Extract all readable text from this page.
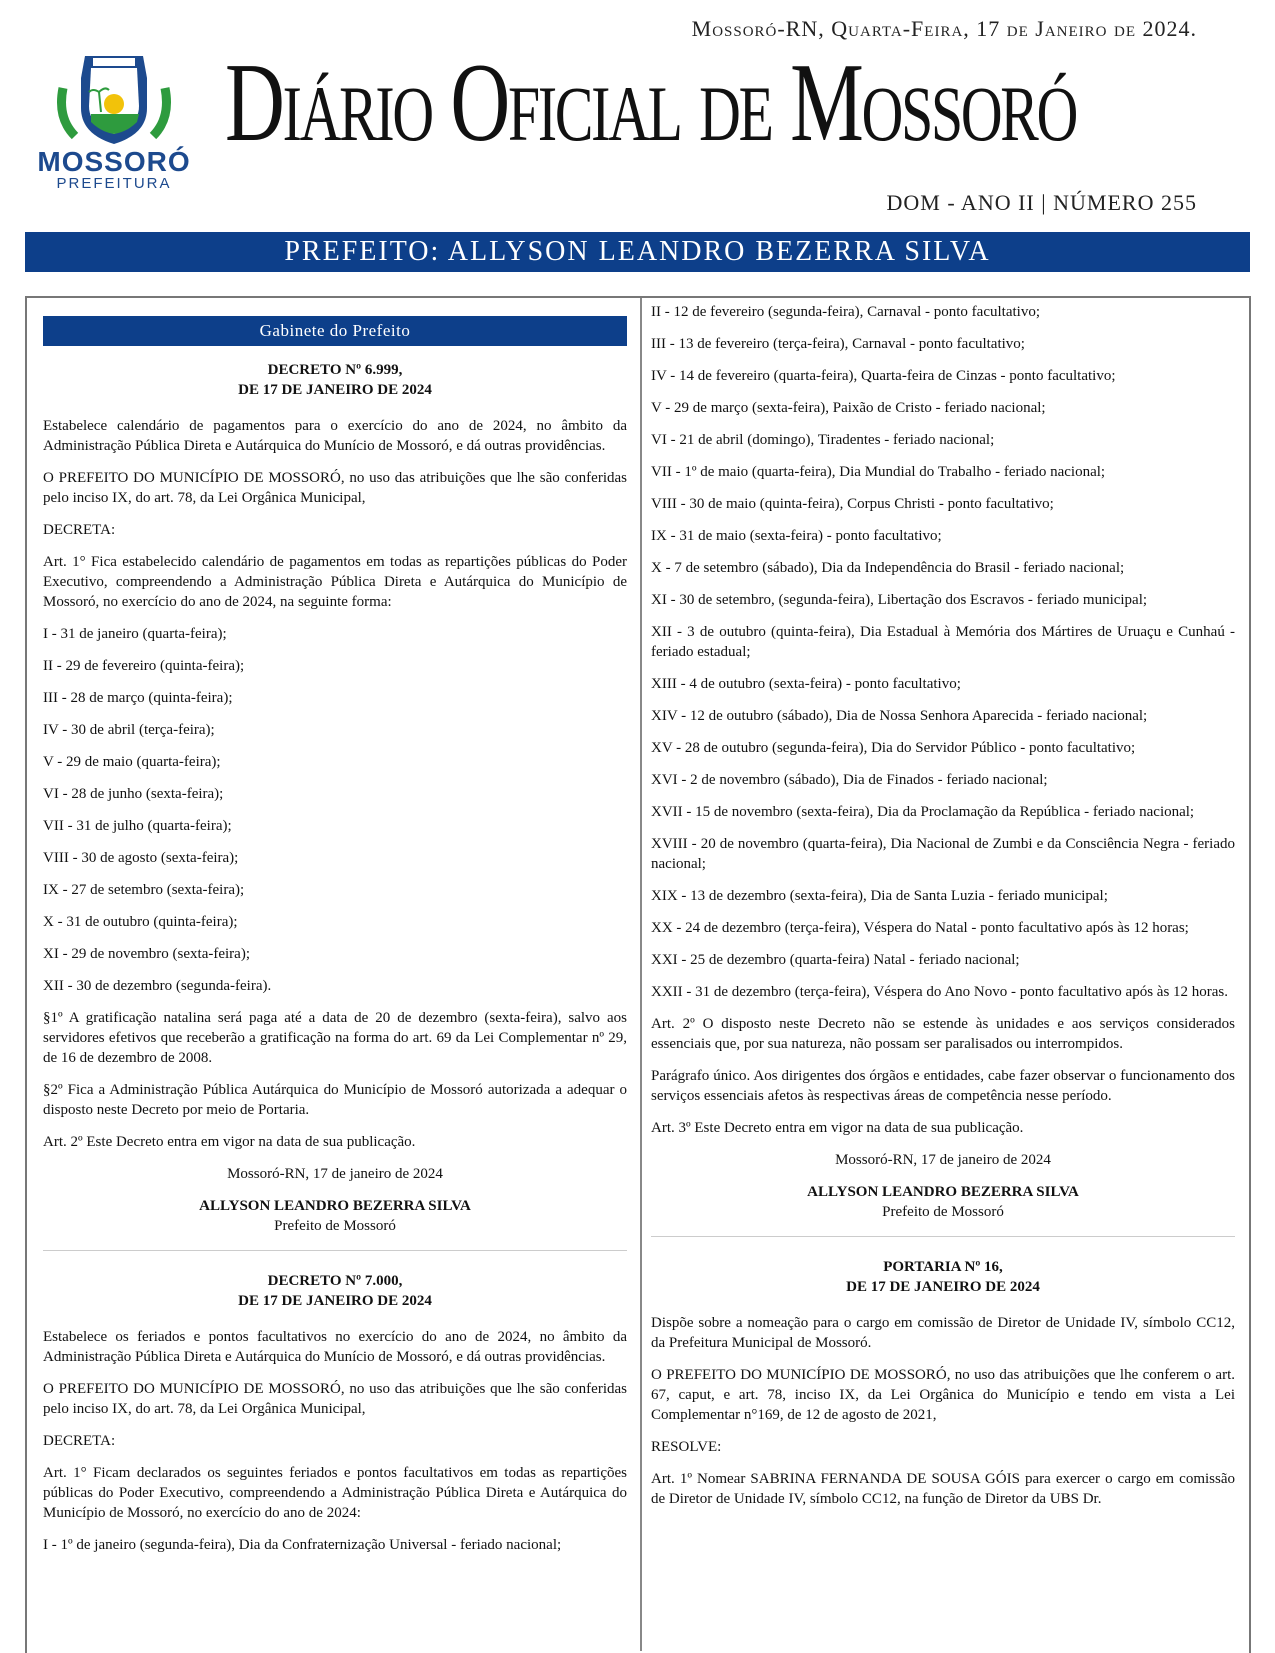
MOSSORÓ
PREFEITURA
Mossoró-RN, Quarta-Feira, 17 de Janeiro de 2024.
Diário Oficial de Mossoró
DOM - ANO II | NÚMERO 255
PREFEITO: ALLYSON LEANDRO BEZERRA SILVA
Gabinete do Prefeito
DECRETO Nº 6.999,
DE 17 DE JANEIRO DE 2024

Estabelece calendário de pagamentos para o exercício do ano de 2024, no âmbito da Administração Pública Direta e Autárquica do Munício de Mossoró, e dá outras providências.

O PREFEITO DO MUNICÍPIO DE MOSSORÓ, no uso das atribuições que lhe são conferidas pelo inciso IX, do art. 78, da Lei Orgânica Municipal,

DECRETA:

Art. 1° Fica estabelecido calendário de pagamentos em todas as repartições públicas do Poder Executivo, compreendendo a Administração Pública Direta e Autárquica do Município de Mossoró, no exercício do ano de 2024, na seguinte forma:

I - 31 de janeiro (quarta-feira);

II - 29 de fevereiro (quinta-feira);

III - 28 de março (quinta-feira);

IV - 30 de abril (terça-feira);

V - 29 de maio (quarta-feira);

VI - 28 de junho (sexta-feira);

VII - 31 de julho (quarta-feira);

VIII - 30 de agosto (sexta-feira);

IX - 27 de setembro (sexta-feira);

X - 31 de outubro (quinta-feira);

XI - 29 de novembro (sexta-feira);

XII - 30 de dezembro (segunda-feira).

§1º A gratificação natalina será paga até a data de 20 de dezembro (sexta-feira), salvo aos servidores efetivos que receberão a gratificação na forma do art. 69 da Lei Complementar nº 29, de 16 de dezembro de 2008.

§2º Fica a Administração Pública Autárquica do Município de Mossoró autorizada a adequar o disposto neste Decreto por meio de Portaria.

Art. 2º Este Decreto entra em vigor na data de sua publicação.

Mossoró-RN, 17 de janeiro de 2024
ALLYSON LEANDRO BEZERRA SILVA
Prefeito de Mossoró
DECRETO Nº 7.000,
DE 17 DE JANEIRO DE 2024

Estabelece os feriados e pontos facultativos no exercício do ano de 2024, no âmbito da Administração Pública Direta e Autárquica do Munício de Mossoró, e dá outras providências.

O PREFEITO DO MUNICÍPIO DE MOSSORÓ, no uso das atribuições que lhe são conferidas pelo inciso IX, do art. 78, da Lei Orgânica Municipal,

DECRETA:

Art. 1° Ficam declarados os seguintes feriados e pontos facultativos em todas as repartições públicas do Poder Executivo, compreendendo a Administração Pública Direta e Autárquica do Município de Mossoró, no exercício do ano de 2024:

I - 1º de janeiro (segunda-feira), Dia da Confraternização Universal - feriado nacional;

II - 12 de fevereiro (segunda-feira), Carnaval - ponto facultativo;

III - 13 de fevereiro (terça-feira), Carnaval - ponto facultativo;

IV - 14 de fevereiro (quarta-feira), Quarta-feira de Cinzas - ponto facultativo;

V - 29 de março (sexta-feira), Paixão de Cristo - feriado nacional;

VI - 21 de abril (domingo), Tiradentes - feriado nacional;

VII - 1º de maio (quarta-feira), Dia Mundial do Trabalho - feriado nacional;

VIII - 30 de maio (quinta-feira), Corpus Christi - ponto facultativo;

IX - 31 de maio (sexta-feira) - ponto facultativo;

X - 7 de setembro (sábado), Dia da Independência do Brasil - feriado nacional;

XI - 30 de setembro, (segunda-feira), Libertação dos Escravos - feriado municipal;

XII - 3 de outubro (quinta-feira), Dia Estadual à Memória dos Mártires de Uruaçu e Cunhaú - feriado estadual;

XIII - 4 de outubro (sexta-feira) - ponto facultativo;

XIV - 12 de outubro (sábado), Dia de Nossa Senhora Aparecida - feriado nacional;

XV - 28 de outubro (segunda-feira), Dia do Servidor Público - ponto facultativo;

XVI - 2 de novembro (sábado), Dia de Finados - feriado nacional;

XVII - 15 de novembro (sexta-feira), Dia da Proclamação da República - feriado nacional;

XVIII - 20 de novembro (quarta-feira), Dia Nacional de Zumbi e da Consciência Negra - feriado nacional;

XIX - 13 de dezembro (sexta-feira), Dia de Santa Luzia - feriado municipal;

XX - 24 de dezembro (terça-feira), Véspera do Natal - ponto facultativo após às 12 horas;

XXI - 25 de dezembro (quarta-feira) Natal - feriado nacional;

XXII - 31 de dezembro (terça-feira), Véspera do Ano Novo - ponto facultativo após às 12 horas.

Art. 2º O disposto neste Decreto não se estende às unidades e aos serviços considerados essenciais que, por sua natureza, não possam ser paralisados ou interrompidos.

Parágrafo único. Aos dirigentes dos órgãos e entidades, cabe fazer observar o funcionamento dos serviços essenciais afetos às respectivas áreas de competência nesse período.

Art. 3º Este Decreto entra em vigor na data de sua publicação.

Mossoró-RN, 17 de janeiro de 2024
ALLYSON LEANDRO BEZERRA SILVA
Prefeito de Mossoró
PORTARIA Nº 16,
DE 17 DE JANEIRO DE 2024

Dispõe sobre a nomeação para o cargo em comissão de Diretor de Unidade IV, símbolo CC12, da Prefeitura Municipal de Mossoró.

O PREFEITO DO MUNICÍPIO DE MOSSORÓ, no uso das atribuições que lhe conferem o art. 67, caput, e art. 78, inciso IX, da Lei Orgânica do Município e tendo em vista a Lei Complementar n°169, de 12 de agosto de 2021,

RESOLVE:

Art. 1º Nomear SABRINA FERNANDA DE SOUSA GÓIS para exercer o cargo em comissão de Diretor de Unidade IV, símbolo CC12, na função de Diretor da UBS Dr.
